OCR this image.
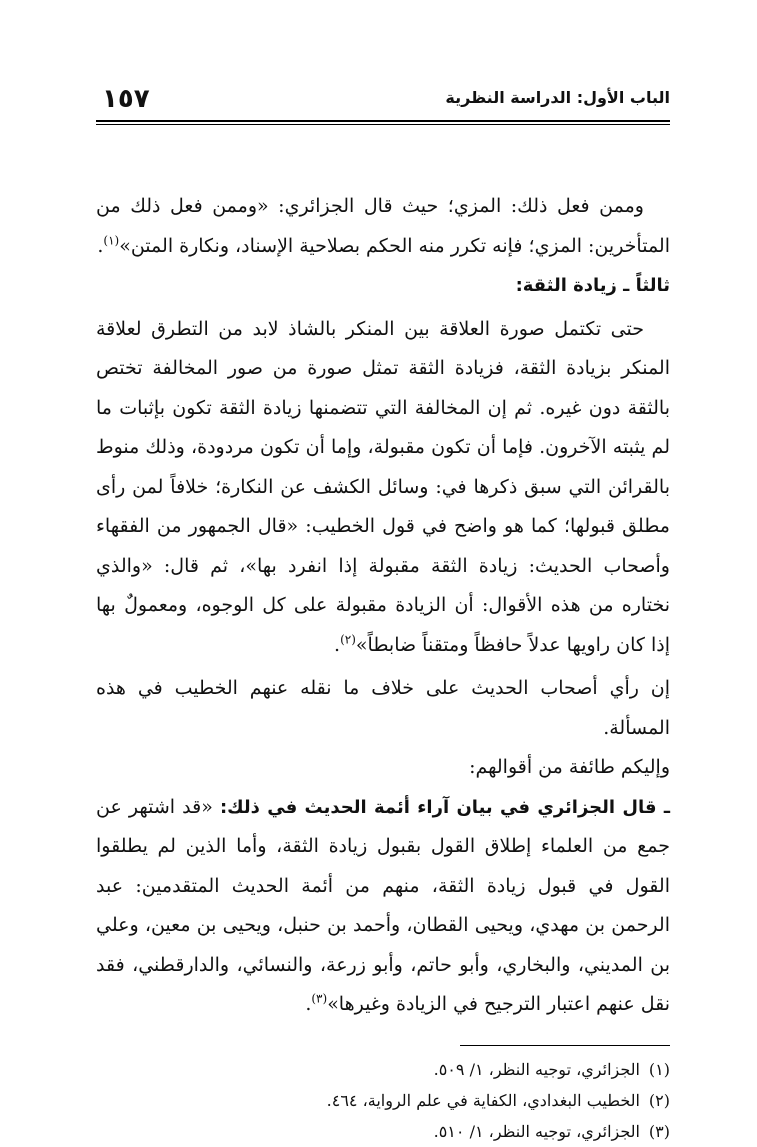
الباب الأول: الدراسة النظرية
١٥٧

وممن فعل ذلك: المزي؛ حيث قال الجزائري: «وممن فعل ذلك من المتأخرين: المزي؛ فإنه تكرر منه الحكم بصلاحية الإسناد، ونكارة المتن»$^{(١)}$.

ثالثاً ـ زيادة الثقة:

حتى تكتمل صورة العلاقة بين المنكر بالشاذ لابد من التطرق لعلاقة المنكر بزيادة الثقة، فزيادة الثقة تمثل صورة من صور المخالفة تختص بالثقة دون غيره. ثم إن المخالفة التي تتضمنها زيادة الثقة تكون بإثبات ما لم يثبته الآخرون. فإما أن تكون مقبولة، وإما أن تكون مردودة، وذلك منوط بالقرائن التي سبق ذكرها في: وسائل الكشف عن النكارة؛ خلافاً لمن رأى مطلق قبولها؛ كما هو واضح في قول الخطيب: «قال الجمهور من الفقهاء وأصحاب الحديث: زيادة الثقة مقبولة إذا انفرد بها»، ثم قال: «والذي نختاره من هذه الأقوال: أن الزيادة مقبولة على كل الوجوه، ومعمولٌ بها إذا كان راويها عدلاً حافظاً ومتقناً ضابطاً»$^{(٢)}$.

إن رأي أصحاب الحديث على خلاف ما نقله عنهم الخطيب في هذه المسألة.

وإليكم طائفة من أقوالهم:

ـ قال الجزائري في بيان آراء أئمة الحديث في ذلك: «قد اشتهر عن جمع من العلماء إطلاق القول بقبول زيادة الثقة، وأما الذين لم يطلقوا القول في قبول زيادة الثقة، منهم من أئمة الحديث المتقدمين: عبد الرحمن بن مهدي، ويحيى القطان، وأحمد بن حنبل، ويحيى بن معين، وعلي بن المديني، والبخاري، وأبو حاتم، وأبو زرعة، والنسائي، والدارقطني، فقد نقل عنهم اعتبار الترجيح في الزيادة وغيرها»$^{(٣)}$.

(١)الجزائري، توجيه النظر، ١/ ٥٠٩.
(٢)الخطيب البغدادي، الكفاية في علم الرواية، ٤٦٤.
(٣)الجزائري، توجيه النظر، ١/ ٥١٠.
